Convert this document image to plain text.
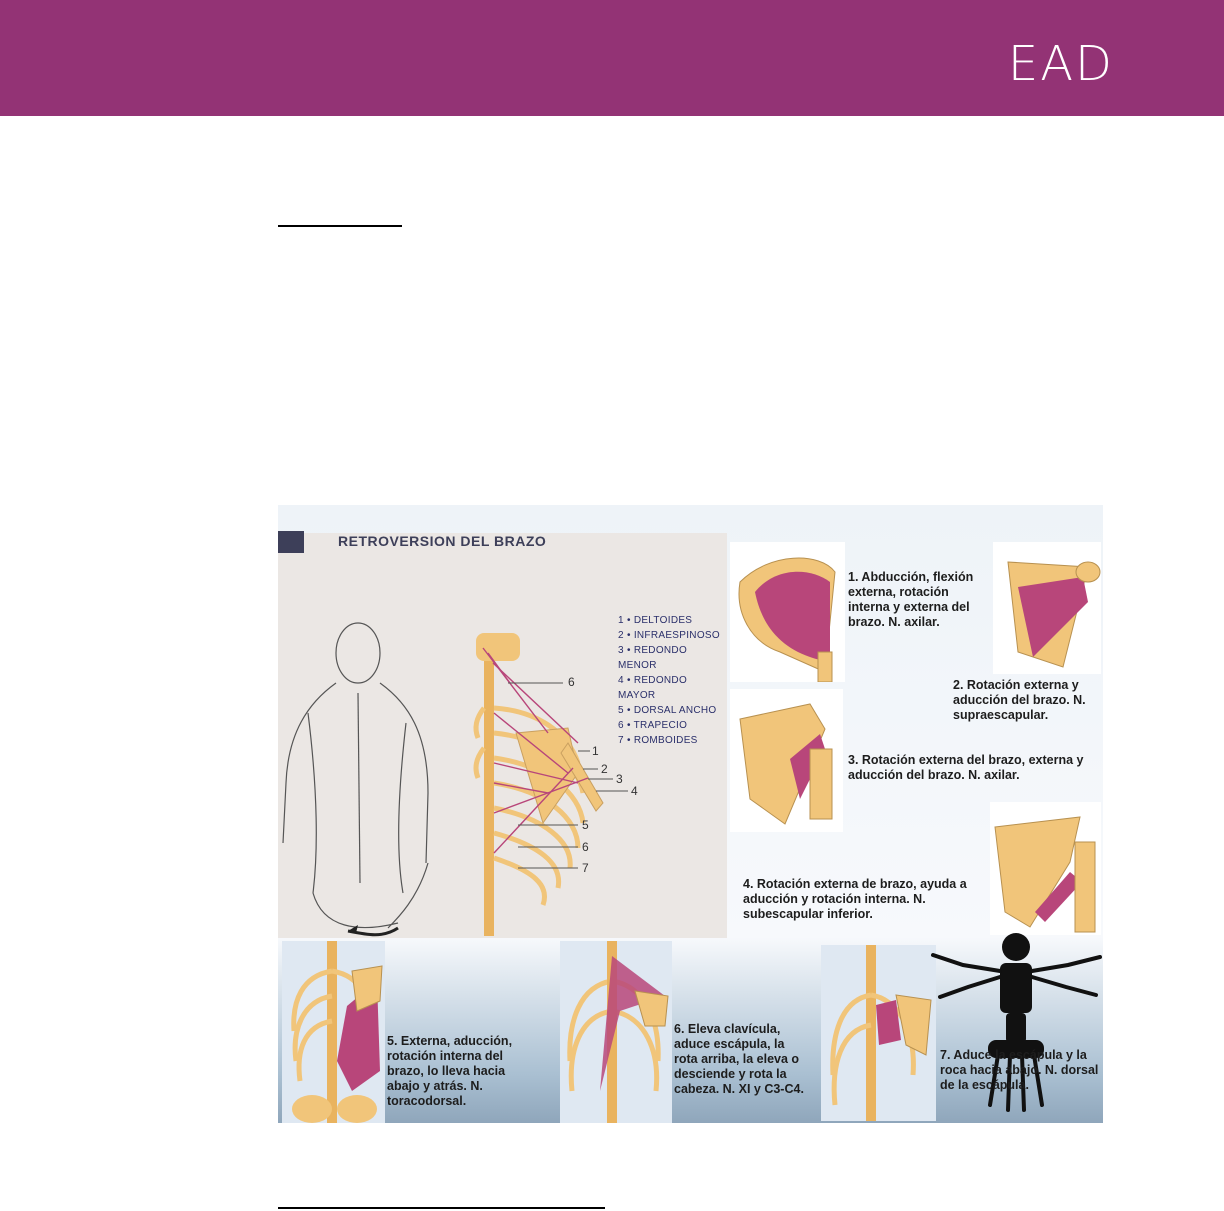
EAD
RETROVERSION DEL BRAZO
6
1
2
3
4
5
6
7
1 • DELTOIDES
2 • INFRAESPINOSO
3 • REDONDO MENOR
4 • REDONDO MAYOR
5 • DORSAL ANCHO
6 • TRAPECIO
7 • ROMBOIDES
1. Abducción, flexión externa, rotación interna y externa del brazo. N. axilar.
2. Rotación externa y aducción del brazo. N. supraescapular.
3. Rotación externa del brazo, externa y aducción del brazo. N. axilar.
4. Rotación externa de brazo, ayuda a aducción y rotación interna. N. subescapular inferior.
5. Externa, aducción, rotación interna del brazo, lo lleva hacia abajo y atrás. N. toracodorsal.
6. Eleva clavícula, aduce escápula, la rota arriba, la eleva o desciende y rota la cabeza. N. XI y C3-C4.
7. Aduce la escápula y la roca hacia abajo. N. dorsal de la escápula.
